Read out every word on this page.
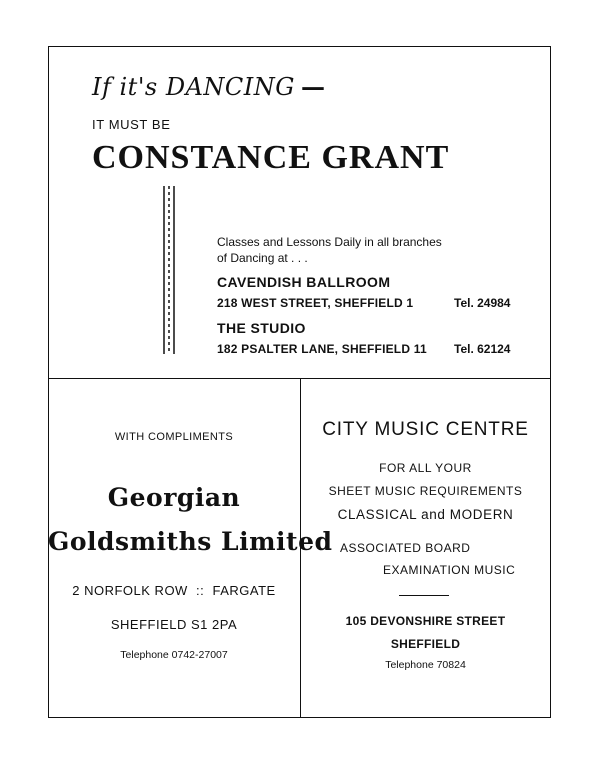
If it's DANCING —
IT MUST BE
CONSTANCE GRANT
Classes and Lessons Daily in all branches
of Dancing at . . .
CAVENDISH BALLROOM
218 WEST STREET, SHEFFIELD 1	Tel. 24984
THE STUDIO
182 PSALTER LANE, SHEFFIELD 11 Tel. 62124
WITH COMPLIMENTS
Georgian
Goldsmiths Limited
2 NORFOLK ROW  ::  FARGATE
SHEFFIELD S1 2PA
Telephone 0742-27007
CITY MUSIC CENTRE
FOR ALL YOUR
SHEET MUSIC REQUIREMENTS
CLASSICAL and MODERN
ASSOCIATED BOARD
EXAMINATION MUSIC
105 DEVONSHIRE STREET
SHEFFIELD
Telephone 70824
